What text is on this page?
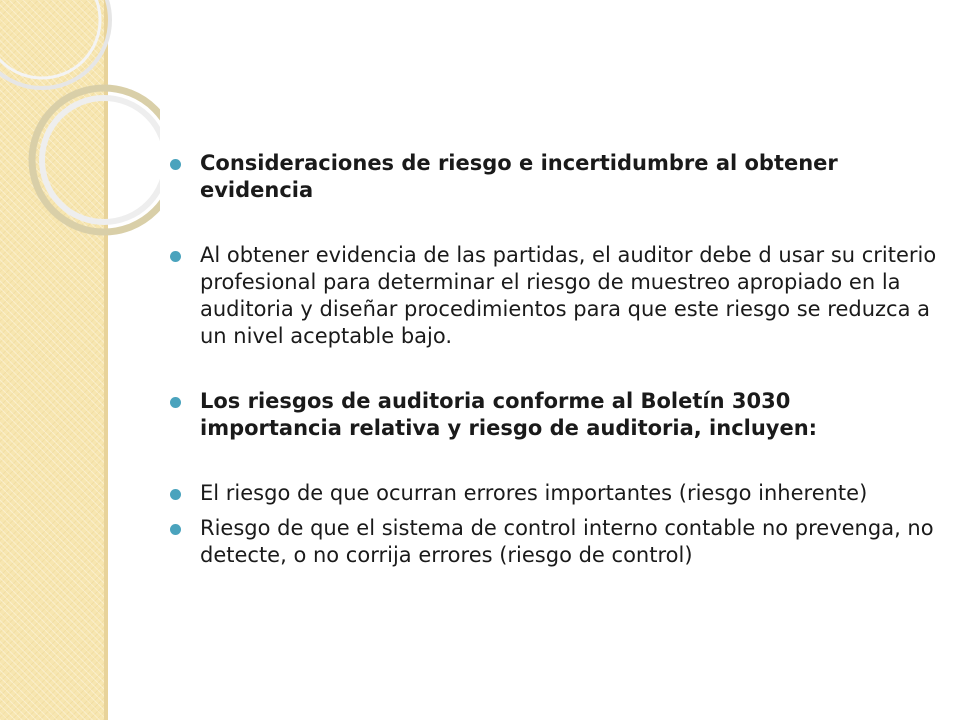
Consideraciones de riesgo e incertidumbre al obtener evidencia
Al obtener evidencia de las partidas, el auditor debe d usar su criterio profesional para determinar el riesgo de muestreo apropiado en la auditoria y diseñar procedimientos para que este riesgo se reduzca a un nivel aceptable bajo.
Los riesgos de auditoria conforme al Boletín 3030 importancia relativa y riesgo de auditoria, incluyen:
El riesgo de que ocurran errores importantes (riesgo inherente)
Riesgo de que el sistema de control interno contable no prevenga, no detecte, o no corrija errores (riesgo de control)
